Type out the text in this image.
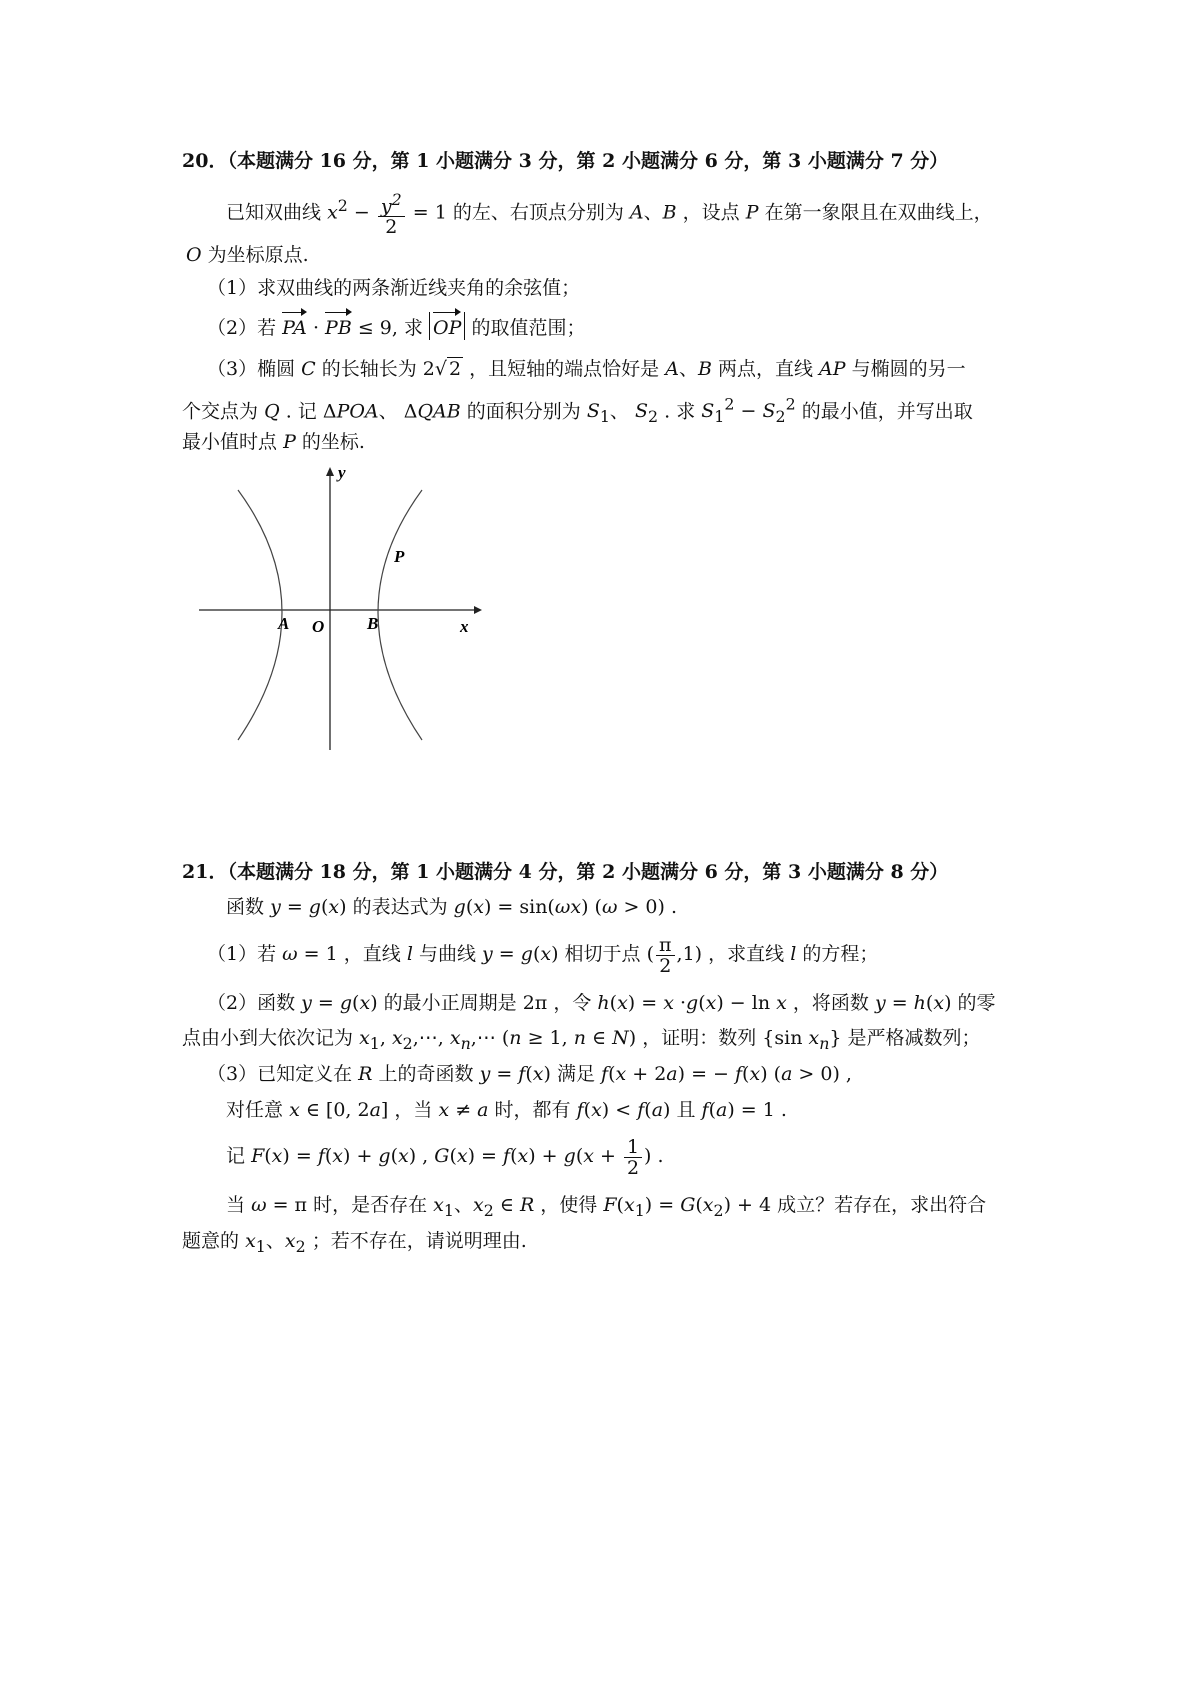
20．（本题满分 16 分，第 1 小题满分 3 分，第 2 小题满分 6 分，第 3 小题满分 7 分）
已知双曲线 $x^2 - \frac{y^2}{2} = 1$ 的左、右顶点分别为 A、B ，设点 P 在第一象限且在双曲线上，
O 为坐标原点.
（1）求双曲线的两条渐近线夹角的余弦值；
（2）若 PA · PB ≤ 9, 求 OP 的取值范围；
（3）椭圆 C 的长轴长为 2√ 2 ，且短轴的端点恰好是 A、B 两点，直线 AP 与椭圆的另一
个交点为 Q . 记 ΔPOA、 ΔQAB 的面积分别为 $S_1$、 $S_2$ . 求 $S_1^2 - S_2^2$ 的最小值，并写出取
最小值时点 P 的坐标.
y
x
A O	B
P
21．（本题满分 18 分，第 1 小题满分 4 分，第 2 小题满分 6 分，第 3 小题满分 8 分）
函数 y = g(x) 的表达式为 g(x) = sin(ωx) (ω > 0) .
（1）若 ω = 1 ，直线 l 与曲线 y = g(x) 相切于点 ( $\frac{\pi}{2} ,1$) ，求直线 l 的方程；
（2）函数 y = g(x) 的最小正周期是 2π ，令 h(x) = x ·g(x) − ln x ，将函数 y = h(x) 的零
点由小到大依次记为 $x_1$, $x_2,\cdots$, $x_n,\cdots$ (n ≥ 1, n ∈ N) ，证明：数列 {sin $x_n$} 是严格减数列；
（3）已知定义在 R 上的奇函数 y = f(x) 满足 f(x + 2a) = − f(x) (a > 0) ,
对任意 x ∈ [0, 2a] ，当 x ≠ a 时，都有 f(x) < f(a) 且 f(a) = 1 .
记 F(x) = f(x) + g(x) , $G(x) = f(x) + g(x + \frac{1}{2}$ ) .
当 ω = π 时，是否存在 $x_1$、$x_2$ ∈ R ，使得 $F(x_1) = G(x_2) + 4$ 成立？若存在，求出符合
题意的 $x_1$、$x_2$ ；若不存在，请说明理由.
